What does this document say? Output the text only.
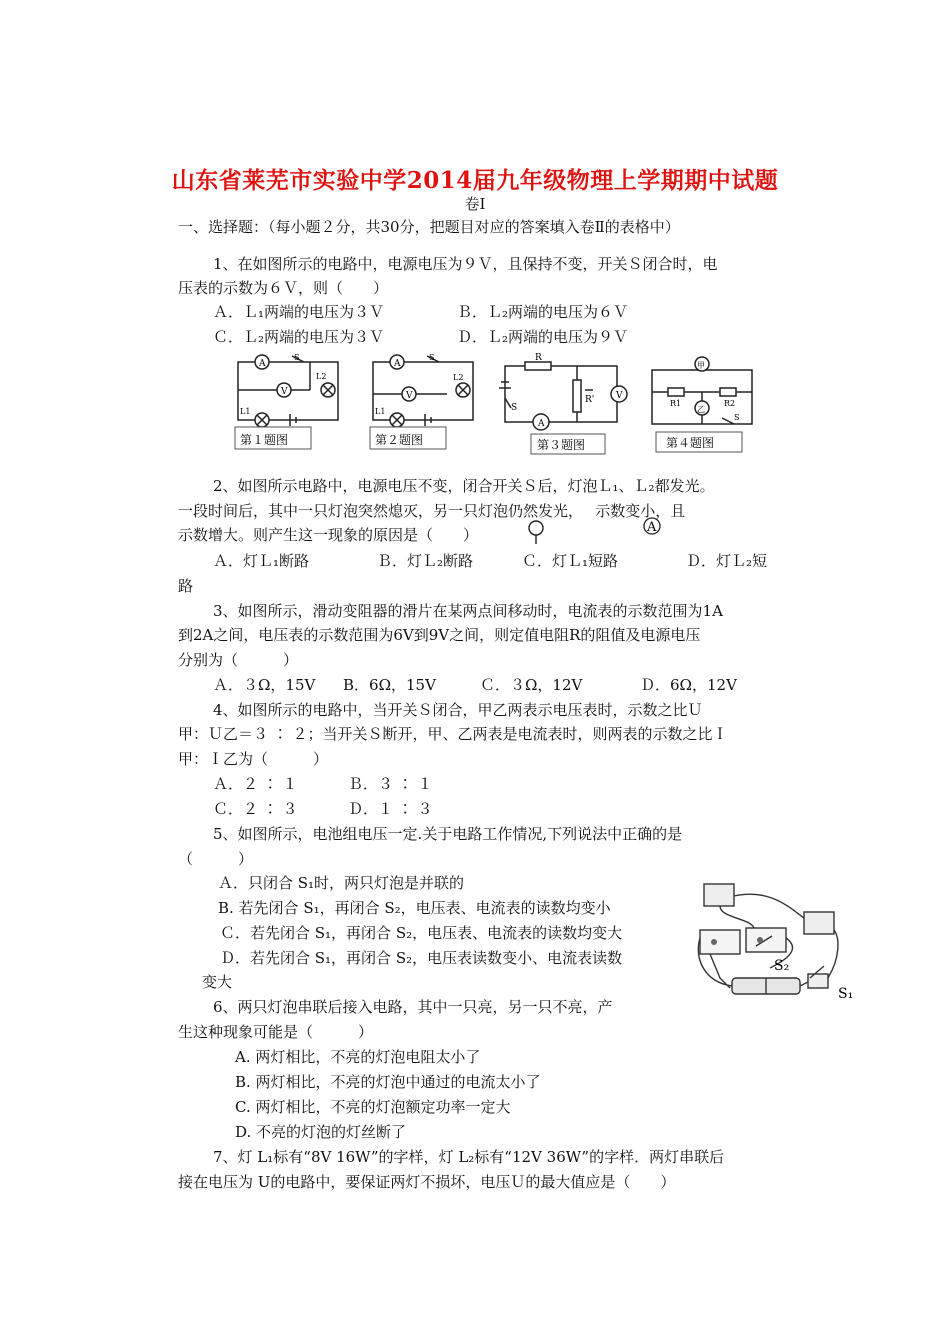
山东省莱芜市实验中学2014届九年级物理上学期期中试题
卷Ⅰ
一、选择题：（每小题２分，共30分，把题目对应的答案填入卷Ⅱ的表格中）
1、在如图所示的电路中，电源电压为９Ｖ，且保持不变，开关Ｓ闭合时，电
压表的示数为６Ｖ，则（　　）
Ａ．Ｌ₁两端的电压为３Ｖ	Ｂ．Ｌ₂两端的电压为６Ｖ
Ｃ．Ｌ₂两端的电压为３Ｖ	Ｄ．Ｌ₂两端的电压为９Ｖ
A
V
S
L2
L1
第１题图
A
V
S
L2
L1
第２题图
R
R' V
A
S
第３题图
甲
乙
R1	R2
S
第４题图
2、如图所示电路中，电源电压不变，闭合开关Ｓ后，灯泡Ｌ₁、Ｌ₂都发光。
一段时间后，其中一只灯泡突然熄灭，另一只灯泡仍然发光，　 示数变小，且
示数增大。则产生这一现象的原因是（　　）	A
Ａ．灯Ｌ₁断路	Ｂ．灯Ｌ₂断路	Ｃ．灯Ｌ₁短路	Ｄ．灯Ｌ₂短
路
3、如图所示，滑动变阻器的滑片在某两点间移动时，电流表的示数范围为1A
到2A之间，电压表的示数范围为6V到9V之间，则定值电阻R的阻值及电源电压
分别为（　　　）
Ａ．３Ω，15V B．6Ω，15V	Ｃ．３Ω，12V	Ｄ．6Ω，12V
4、如图所示的电路中，当开关Ｓ闭合，甲乙两表示电压表时，示数之比Ｕ
甲：Ｕ乙＝３ ∶ ２；当开关Ｓ断开，甲、乙两表是电流表时，则两表的示数之比Ｉ
甲：Ｉ乙为（　　　）
Ａ．２ ∶ １	Ｂ．３ ∶ １
Ｃ．２ ∶ ３	Ｄ．１ ∶ ３
5、如图所示，电池组电压一定.关于电路工作情况,下列说法中正确的是
（　　　）
Ａ．只闭合 S₁时，两只灯泡是并联的
B. 若先闭合 S₁，再闭合 S₂，电压表、电流表的读数均变小
Ｃ．若先闭合 S₁，再闭合 S₂，电压表、电流表的读数均变大
Ｄ．若先闭合 S₁，再闭合 S₂，电压表读数变小、电流表读数
变大
S₂
S₁
6、两只灯泡串联后接入电路，其中一只亮，另一只不亮，产
生这种现象可能是（　　　）
A. 两灯相比，不亮的灯泡电阻太小了
B. 两灯相比，不亮的灯泡中通过的电流太小了
C. 两灯相比，不亮的灯泡额定功率一定大
D. 不亮的灯泡的灯丝断了
7、灯 L₁标有“8V 16W”的字样，灯 L₂标有“12V 36W”的字样．两灯串联后
接在电压为 U的电路中，要保证两灯不损坏，电压Ｕ的最大值应是（　　）
